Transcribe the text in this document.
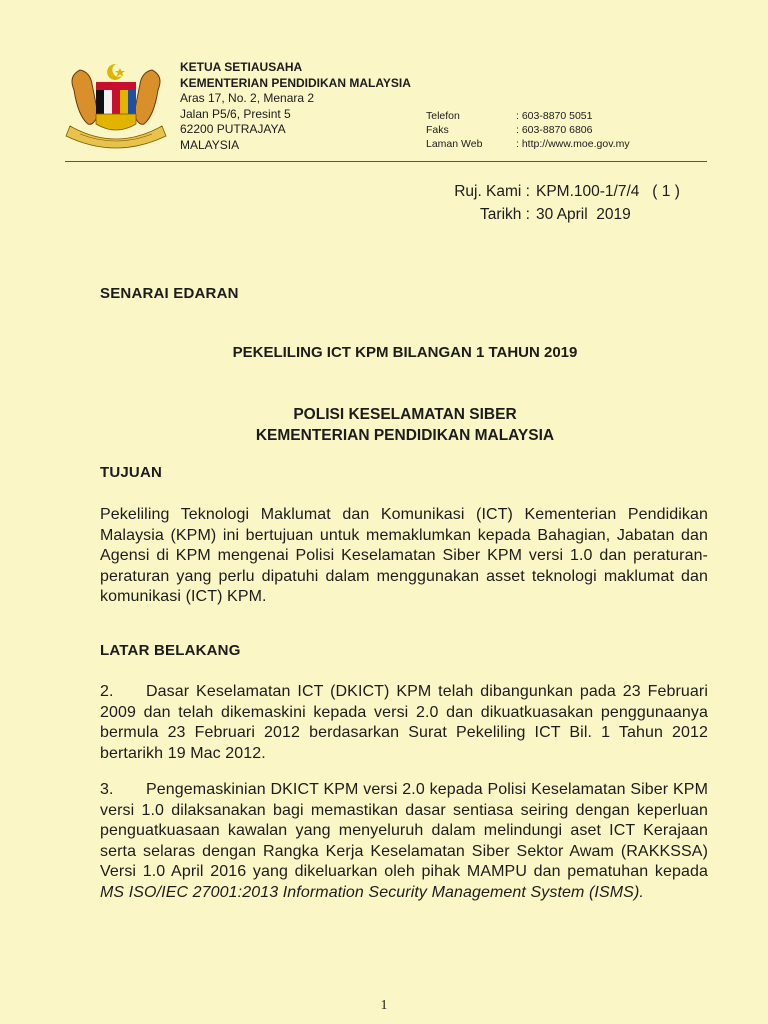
KETUA SETIAUSAHA
KEMENTERIAN PENDIDIKAN MALAYSIA
Aras 17, No. 2, Menara 2
Jalan P5/6, Presint 5
62200 PUTRAJAYA
MALAYSIA
Telefon	: 603-8870 5051
Faks	: 603-8870 6806
Laman Web	: http://www.moe.gov.my
Ruj. Kami : KPM.100-1/7/4   ( 1 )
Tarikh : 30 April  2019
SENARAI EDARAN
PEKELILING ICT KPM BILANGAN 1 TAHUN 2019
POLISI KESELAMATAN SIBER
KEMENTERIAN PENDIDIKAN MALAYSIA
TUJUAN
Pekeliling Teknologi Maklumat dan Komunikasi (ICT) Kementerian Pendidikan Malaysia (KPM) ini bertujuan untuk memaklumkan kepada Bahagian, Jabatan dan Agensi di KPM mengenai Polisi Keselamatan Siber KPM versi 1.0 dan peraturan-peraturan yang perlu dipatuhi dalam menggunakan asset teknologi maklumat dan komunikasi (ICT) KPM.
LATAR BELAKANG
2. Dasar Keselamatan ICT (DKICT) KPM telah dibangunkan pada 23 Februari 2009 dan telah dikemaskini kepada versi 2.0 dan dikuatkuasakan penggunaanya bermula 23 Februari 2012 berdasarkan Surat Pekeliling ICT Bil. 1 Tahun 2012 bertarikh 19 Mac 2012.
3. Pengemaskinian DKICT KPM versi 2.0 kepada Polisi Keselamatan Siber KPM versi 1.0 dilaksanakan bagi memastikan dasar sentiasa seiring dengan keperluan penguatkuasaan kawalan yang menyeluruh dalam melindungi aset ICT Kerajaan serta selaras dengan Rangka Kerja Keselamatan Siber Sektor Awam (RAKKSSA) Versi 1.0 April 2016 yang dikeluarkan oleh pihak MAMPU dan pematuhan kepada MS ISO/IEC 27001:2013 Information Security Management System (ISMS).
1
